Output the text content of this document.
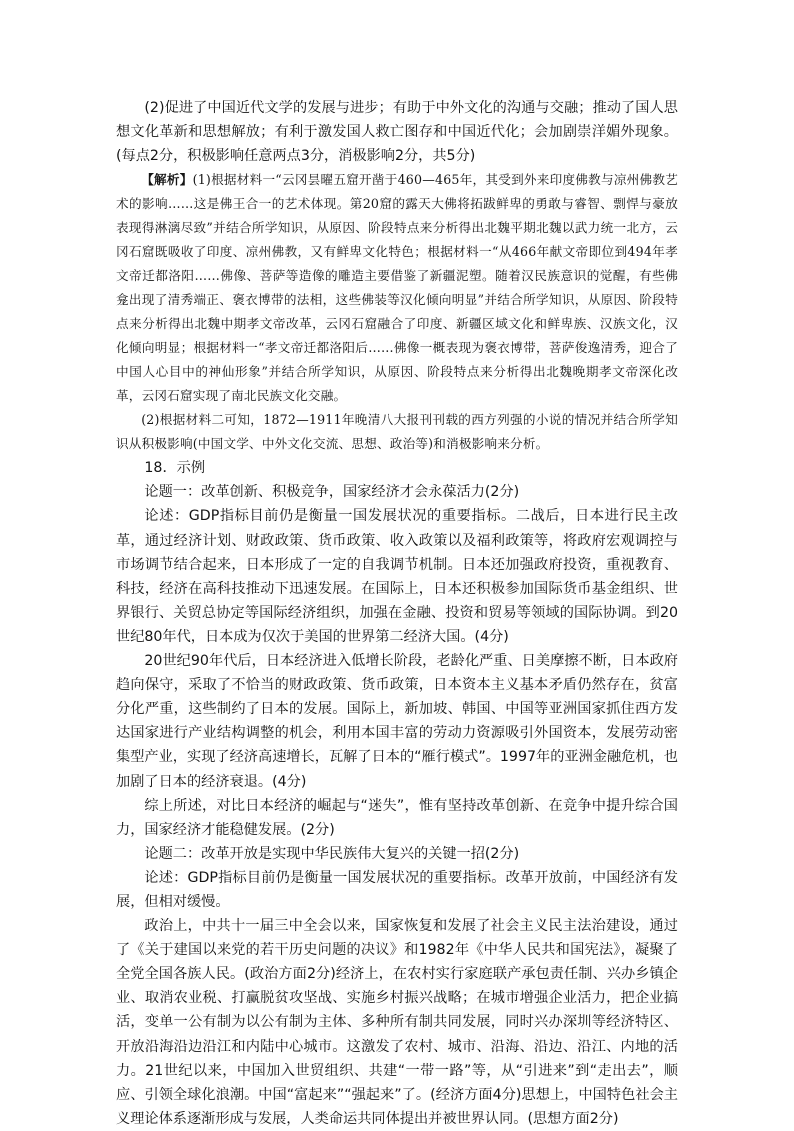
(2)促进了中国近代文学的发展与进步；有助于中外文化的沟通与交融；推动了国人思想文化革新和思想解放；有利于激发国人救亡图存和中国近代化；会加剧崇洋媚外现象。(每点2分，积极影响任意两点3分，消极影响2分，共5分)

【解析】(1)根据材料一“云冈昙曜五窟开凿于460—465年，其受到外来印度佛教与凉州佛教艺术的影响……这是佛王合一的艺术体现。第20窟的露天大佛将拓跋鲜卑的勇敢与睿智、剽悍与豪放表现得淋漓尽致”并结合所学知识，从原因、阶段特点来分析得出北魏平期北魏以武力统一北方，云冈石窟既吸收了印度、凉州佛教，又有鲜卑文化特色；根据材料一“从466年献文帝即位到494年孝文帝迁都洛阳……佛像、菩萨等造像的雕造主要借鉴了新疆泥塑。随着汉民族意识的觉醒，有些佛龛出现了清秀端正、褒衣博带的法相，这些佛装等汉化倾向明显”并结合所学知识，从原因、阶段特点来分析得出北魏中期孝文帝改革，云冈石窟融合了印度、新疆区域文化和鲜卑族、汉族文化，汉化倾向明显；根据材料一“孝文帝迁都洛阳后……佛像一概表现为褒衣博带，菩萨俊逸清秀，迎合了中国人心目中的神仙形象”并结合所学知识，从原因、阶段特点来分析得出北魏晚期孝文帝深化改革，云冈石窟实现了南北民族文化交融。

(2)根据材料二可知，1872—1911年晚清八大报刊刊载的西方列强的小说的情况并结合所学知识从积极影响(中国文学、中外文化交流、思想、政治等)和消极影响来分析。

18．示例

论题一：改革创新、积极竞争，国家经济才会永葆活力(2分)

论述：GDP指标目前仍是衡量一国发展状况的重要指标。二战后，日本进行民主改革，通过经济计划、财政政策、货币政策、收入政策以及福利政策等，将政府宏观调控与市场调节结合起来，日本形成了一定的自我调节机制。日本还加强政府投资，重视教育、科技，经济在高科技推动下迅速发展。在国际上，日本还积极参加国际货币基金组织、世界银行、关贸总协定等国际经济组织，加强在金融、投资和贸易等领域的国际协调。到20世纪80年代，日本成为仅次于美国的世界第二经济大国。(4分)

20世纪90年代后，日本经济进入低增长阶段，老龄化严重、日美摩擦不断，日本政府趋向保守，采取了不恰当的财政政策、货币政策，日本资本主义基本矛盾仍然存在，贫富分化严重，这些制约了日本的发展。国际上，新加坡、韩国、中国等亚洲国家抓住西方发达国家进行产业结构调整的机会，利用本国丰富的劳动力资源吸引外国资本，发展劳动密集型产业，实现了经济高速增长，瓦解了日本的“雁行模式”。1997年的亚洲金融危机，也加剧了日本的经济衰退。(4分)

综上所述，对比日本经济的崛起与“迷失”，惟有坚持改革创新、在竞争中提升综合国力，国家经济才能稳健发展。(2分)

论题二：改革开放是实现中华民族伟大复兴的关键一招(2分)

论述：GDP指标目前仍是衡量一国发展状况的重要指标。改革开放前，中国经济有发展，但相对缓慢。

政治上，中共十一届三中全会以来，国家恢复和发展了社会主义民主法治建设，通过了《关于建国以来党的若干历史问题的决议》和1982年《中华人民共和国宪法》，凝聚了全党全国各族人民。(政治方面2分)经济上，在农村实行家庭联产承包责任制、兴办乡镇企业、取消农业税、打赢脱贫攻坚战、实施乡村振兴战略；在城市增强企业活力，把企业搞活，变单一公有制为以公有制为主体、多种所有制共同发展，同时兴办深圳等经济特区、开放沿海沿边沿江和内陆中心城市。这激发了农村、城市、沿海、沿边、沿江、内地的活力。21世纪以来，中国加入世贸组织、共建“一带一路”等，从“引进来”到“走出去”，顺应、引领全球化浪潮。中国“富起来”“强起来”了。(经济方面4分)思想上，中国特色社会主义理论体系逐渐形成与发展，人类命运共同体提出并被世界认同。(思想方面2分)
